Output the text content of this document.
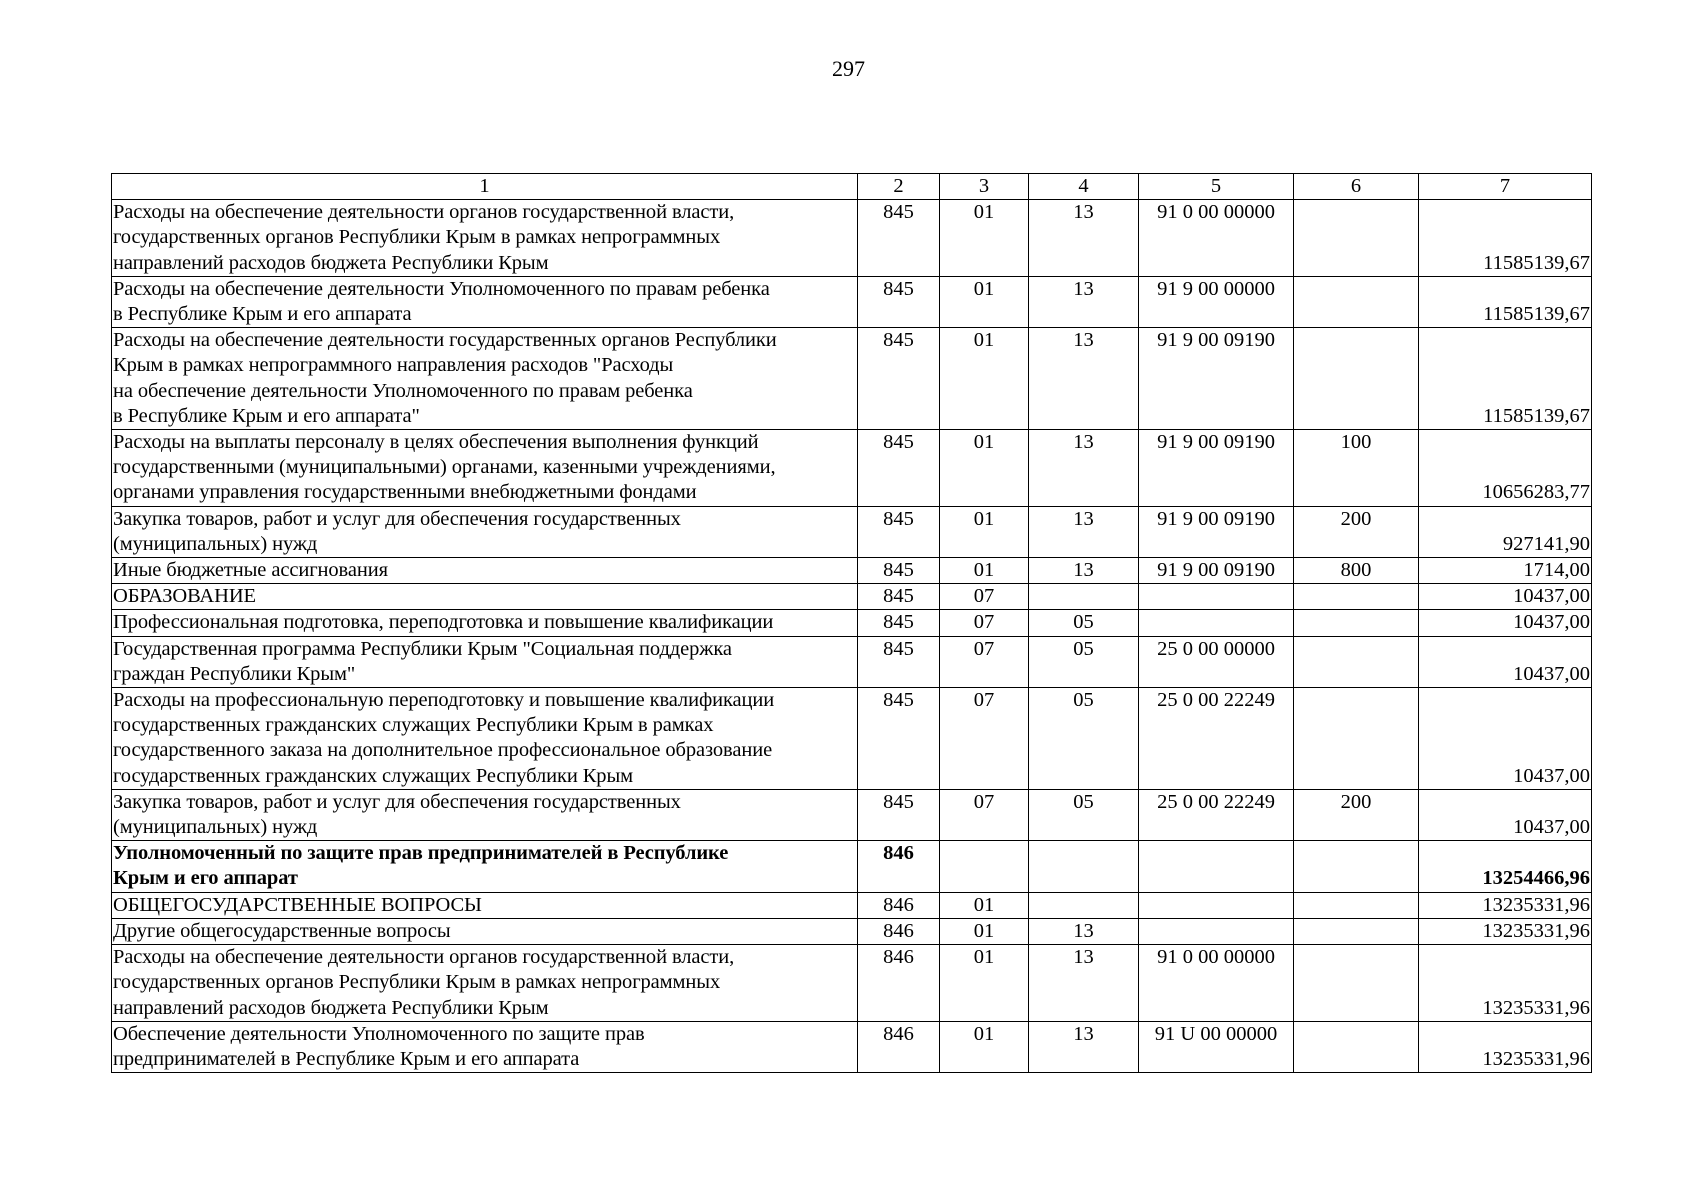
297
1	2	3	4	5	6	7
Расходы на обеспечение деятельности органов государственной власти,
государственных органов Республики Крым в рамках непрограммных
направлений расходов бюджета Республики Крым	845	01	13	91 0 00 00000		11585139,67
Расходы на обеспечение деятельности Уполномоченного по правам ребенка
в Республике Крым и его аппарата	845	01	13	91 9 00 00000		11585139,67
Расходы на обеспечение деятельности государственных органов Республики
Крым в рамках непрограммного направления расходов "Расходы
на обеспечение деятельности Уполномоченного по правам ребенка
в Республике Крым и его аппарата"	845	01	13	91 9 00 09190		11585139,67
Расходы на выплаты персоналу в целях обеспечения выполнения функций
государственными (муниципальными) органами, казенными учреждениями,
органами управления государственными внебюджетными фондами	845	01	13	91 9 00 09190	100	10656283,77
Закупка товаров, работ и услуг для обеспечения государственных
(муниципальных) нужд	845	01	13	91 9 00 09190	200	927141,90
Иные бюджетные ассигнования	845	01	13	91 9 00 09190	800	1714,00
ОБРАЗОВАНИЕ	845	07				10437,00
Профессиональная подготовка, переподготовка и повышение квалификации	845	07	05			10437,00
Государственная программа Республики Крым "Социальная поддержка
граждан Республики Крым"	845	07	05	25 0 00 00000		10437,00
Расходы на профессиональную переподготовку и повышение квалификации
государственных гражданских служащих Республики Крым в рамках
государственного заказа на дополнительное профессиональное образование
государственных гражданских служащих Республики Крым	845	07	05	25 0 00 22249		10437,00
Закупка товаров, работ и услуг для обеспечения государственных
(муниципальных) нужд	845	07	05	25 0 00 22249	200	10437,00
Уполномоченный по защите прав предпринимателей в Республике
Крым и его аппарат	846					13254466,96
ОБЩЕГОСУДАРСТВЕННЫЕ ВОПРОСЫ	846	01				13235331,96
Другие общегосударственные вопросы	846	01	13			13235331,96
Расходы на обеспечение деятельности органов государственной власти,
государственных органов Республики Крым в рамках непрограммных
направлений расходов бюджета Республики Крым	846	01	13	91 0 00 00000		13235331,96
Обеспечение деятельности Уполномоченного по защите прав
предпринимателей в Республике Крым и его аппарата	846	01	13	91 U 00 00000		13235331,96
